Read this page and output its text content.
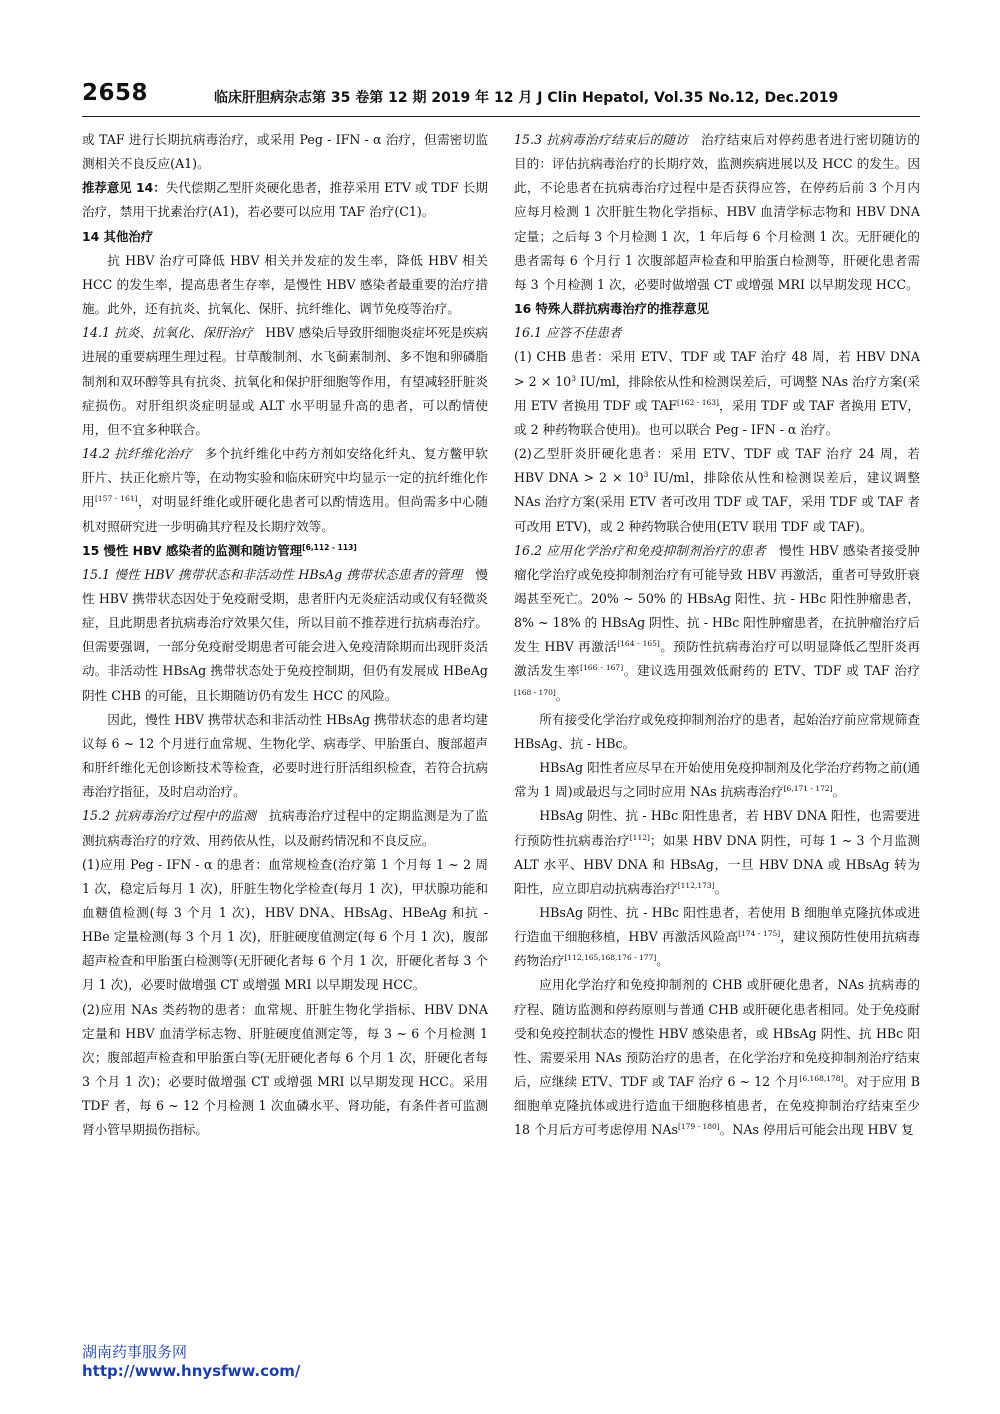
2658	临床肝胆病杂志第 35 卷第 12 期 2019 年 12 月 J Clin Hepatol, Vol.35 No.12, Dec.2019

或 TAF 进行长期抗病毒治疗，或采用 Peg - IFN - α 治疗，但需密切监测相关不良反应(A1)。

推荐意见 14：失代偿期乙型肝炎硬化患者，推荐采用 ETV 或 TDF 长期治疗，禁用干扰素治疗(A1)，若必要可以应用 TAF 治疗(C1)。

14 其他治疗

抗 HBV 治疗可降低 HBV 相关并发症的发生率，降低 HBV 相关 HCC 的发生率，提高患者生存率，是慢性 HBV 感染者最重要的治疗措施。此外，还有抗炎、抗氧化、保肝、抗纤维化、调节免疫等治疗。

14.1 抗炎、抗氧化、保肝治疗 HBV 感染后导致肝细胞炎症坏死是疾病进展的重要病理生理过程。甘草酸制剂、水飞蓟素制剂、多不饱和卵磷脂制剂和双环醇等具有抗炎、抗氧化和保护肝细胞等作用，有望减轻肝脏炎症损伤。对肝组织炎症明显或 ALT 水平明显升高的患者，可以酌情使用，但不宜多种联合。

14.2 抗纤维化治疗 多个抗纤维化中药方剂如安络化纤丸、复方鳖甲软肝片、扶正化瘀片等，在动物实验和临床研究中均显示一定的抗纤维化作用[157 - 161]，对明显纤维化或肝硬化患者可以酌情选用。但尚需多中心随机对照研究进一步明确其疗程及长期疗效等。

15 慢性 HBV 感染者的监测和随访管理[6,112 - 113]

15.1 慢性 HBV 携带状态和非活动性 HBsAg 携带状态患者的管理 慢性 HBV 携带状态因处于免疫耐受期，患者肝内无炎症活动或仅有轻微炎症，且此期患者抗病毒治疗效果欠佳，所以目前不推荐进行抗病毒治疗。但需要强调，一部分免疫耐受期患者可能会进入免疫清除期而出现肝炎活动。非活动性 HBsAg 携带状态处于免疫控制期，但仍有发展成 HBeAg 阴性 CHB 的可能，且长期随访仍有发生 HCC 的风险。

因此，慢性 HBV 携带状态和非活动性 HBsAg 携带状态的患者均建议每 6 ~ 12 个月进行血常规、生物化学、病毒学、甲胎蛋白、腹部超声和肝纤维化无创诊断技术等检查，必要时进行肝活组织检查，若符合抗病毒治疗指征，及时启动治疗。

15.2 抗病毒治疗过程中的监测 抗病毒治疗过程中的定期监测是为了监测抗病毒治疗的疗效、用药依从性，以及耐药情况和不良反应。

(1)应用 Peg - IFN - α 的患者：血常规检查(治疗第 1 个月每 1 ~ 2 周 1 次，稳定后每月 1 次)，肝脏生物化学检查(每月 1 次)，甲状腺功能和血糖值检测(每 3 个月 1 次)，HBV DNA、HBsAg、HBeAg 和抗 - HBe 定量检测(每 3 个月 1 次)，肝脏硬度值测定(每 6 个月 1 次)，腹部超声检查和甲胎蛋白检测等(无肝硬化者每 6 个月 1 次，肝硬化者每 3 个月 1 次)，必要时做增强 CT 或增强 MRI 以早期发现 HCC。

(2)应用 NAs 类药物的患者：血常规、肝脏生物化学指标、HBV DNA 定量和 HBV 血清学标志物、肝脏硬度值测定等，每 3 ~ 6 个月检测 1 次；腹部超声检查和甲胎蛋白等(无肝硬化者每 6 个月 1 次，肝硬化者每 3 个月 1 次)；必要时做增强 CT 或增强 MRI 以早期发现 HCC。采用 TDF 者，每 6 ~ 12 个月检测 1 次血磷水平、肾功能，有条件者可监测肾小管早期损伤指标。

15.3 抗病毒治疗结束后的随访 治疗结束后对停药患者进行密切随访的目的：评估抗病毒治疗的长期疗效，监测疾病进展以及 HCC 的发生。因此，不论患者在抗病毒治疗过程中是否获得应答，在停药后前 3 个月内应每月检测 1 次肝脏生物化学指标、HBV 血清学标志物和 HBV DNA 定量；之后每 3 个月检测 1 次，1 年后每 6 个月检测 1 次。无肝硬化的患者需每 6 个月行 1 次腹部超声检查和甲胎蛋白检测等，肝硬化患者需每 3 个月检测 1 次，必要时做增强 CT 或增强 MRI 以早期发现 HCC。

16 特殊人群抗病毒治疗的推荐意见

16.1 应答不佳患者

(1) CHB 患者：采用 ETV、TDF 或 TAF 治疗 48 周，若 HBV DNA > $2 \times 10^3$ IU/ml，排除依从性和检测误差后，可调整 NAs 治疗方案(采用 ETV 者换用 TDF 或 TAF[162 - 163]，采用 TDF 或 TAF 者换用 ETV，或 2 种药物联合使用)。也可以联合 Peg - IFN - α 治疗。

(2)乙型肝炎肝硬化患者：采用 ETV、TDF 或 TAF 治疗 24 周，若 HBV DNA > $2 \times 10^3$ IU/ml，排除依从性和检测误差后，建议调整 NAs 治疗方案(采用 ETV 者可改用 TDF 或 TAF，采用 TDF 或 TAF 者可改用 ETV)，或 2 种药物联合使用(ETV 联用 TDF 或 TAF)。

16.2 应用化学治疗和免疫抑制剂治疗的患者 慢性 HBV 感染者接受肿瘤化学治疗或免疫抑制剂治疗有可能导致 HBV 再激活，重者可导致肝衰竭甚至死亡。20% ~ 50% 的 HBsAg 阳性、抗 - HBc 阳性肿瘤患者，8% ~ 18% 的 HBsAg 阴性、抗 - HBc 阳性肿瘤患者，在抗肿瘤治疗后发生 HBV 再激活[164 - 165]。预防性抗病毒治疗可以明显降低乙型肝炎再激活发生率[166 - 167]。建议选用强效低耐药的 ETV、TDF 或 TAF 治疗[168 - 170]。

所有接受化学治疗或免疫抑制剂治疗的患者，起始治疗前应常规筛查 HBsAg、抗 - HBc。

HBsAg 阳性者应尽早在开始使用免疫抑制剂及化学治疗药物之前(通常为 1 周)或最迟与之同时应用 NAs 抗病毒治疗[6,171 - 172]。

HBsAg 阴性、抗 - HBc 阳性患者，若 HBV DNA 阳性，也需要进行预防性抗病毒治疗[112]；如果 HBV DNA 阴性，可每 1 ~ 3 个月监测 ALT 水平、HBV DNA 和 HBsAg，一旦 HBV DNA 或 HBsAg 转为阳性，应立即启动抗病毒治疗[112,173]。

HBsAg 阴性、抗 - HBc 阳性患者，若使用 B 细胞单克隆抗体或进行造血干细胞移植，HBV 再激活风险高[174 - 175]，建议预防性使用抗病毒药物治疗[112,165,168,176 - 177]。

应用化学治疗和免疫抑制剂的 CHB 或肝硬化患者，NAs 抗病毒的疗程、随访监测和停药原则与普通 CHB 或肝硬化患者相同。处于免疫耐受和免疫控制状态的慢性 HBV 感染患者，或 HBsAg 阴性、抗 HBc 阳性、需要采用 NAs 预防治疗的患者，在化学治疗和免疫抑制剂治疗结束后，应继续 ETV、TDF 或 TAF 治疗 6 ~ 12 个月[6,168,178]。对于应用 B 细胞单克隆抗体或进行造血干细胞移植患者，在免疫抑制治疗结束至少 18 个月后方可考虑停用 NAs[179 - 180]。NAs 停用后可能会出现 HBV 复

湖南药事服务网
http://www.hnysfww.com/
